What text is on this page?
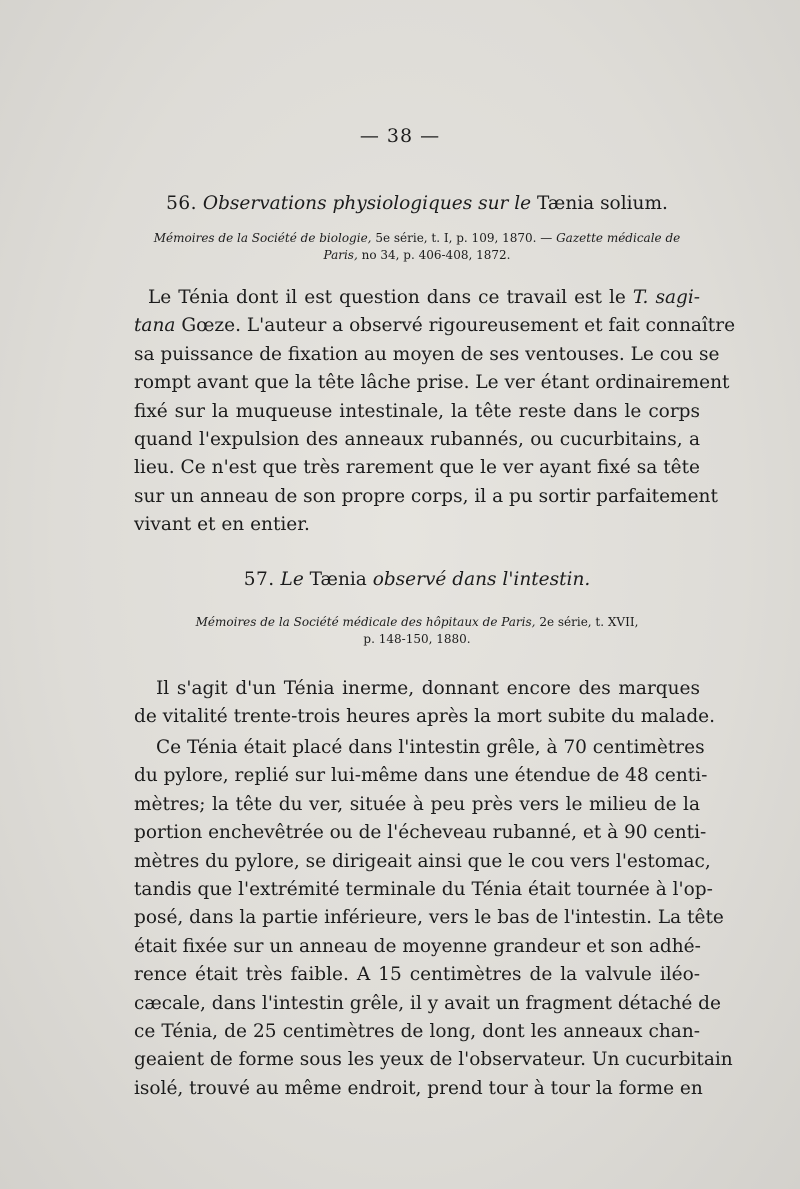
— 38 —

56. Observations physiologiques sur le Tænia solium.

Mémoires de la Société de biologie, 5e série, t. I, p. 109, 1870. — Gazette médicale de

Paris, no 34, p. 406-408, 1872.

Le Ténia dont il est question dans ce travail est le T. sagi-
tana Gœze. L'auteur a observé rigoureusement et fait connaître
sa puissance de fixation au moyen de ses ventouses. Le cou se
rompt avant que la tête lâche prise. Le ver étant ordinairement
fixé sur la muqueuse intestinale, la tête reste dans le corps
quand l'expulsion des anneaux rubannés, ou cucurbitains, a
lieu. Ce n'est que très rarement que le ver ayant fixé sa tête
sur un anneau de son propre corps, il a pu sortir parfaitement
vivant et en entier.

57. Le Tænia observé dans l'intestin.

Mémoires de la Société médicale des hôpitaux de Paris, 2e série, t. XVII,

p. 148-150, 1880.

Il s'agit d'un Ténia inerme, donnant encore des marques
de vitalité trente-trois heures après la mort subite du malade.
Ce Ténia était placé dans l'intestin grêle, à 70 centimètres
du pylore, replié sur lui-même dans une étendue de 48 centi-
mètres; la tête du ver, située à peu près vers le milieu de la
portion enchevêtrée ou de l'écheveau rubanné, et à 90 centi-
mètres du pylore, se dirigeait ainsi que le cou vers l'estomac,
tandis que l'extrémité terminale du Ténia était tournée à l'op-
posé, dans la partie inférieure, vers le bas de l'intestin. La tête
était fixée sur un anneau de moyenne grandeur et son adhé-
rence était très faible. A 15 centimètres de la valvule iléo-
cæcale, dans l'intestin grêle, il y avait un fragment détaché de
ce Ténia, de 25 centimètres de long, dont les anneaux chan-
geaient de forme sous les yeux de l'observateur. Un cucurbitain
isolé, trouvé au même endroit, prend tour à tour la forme en
